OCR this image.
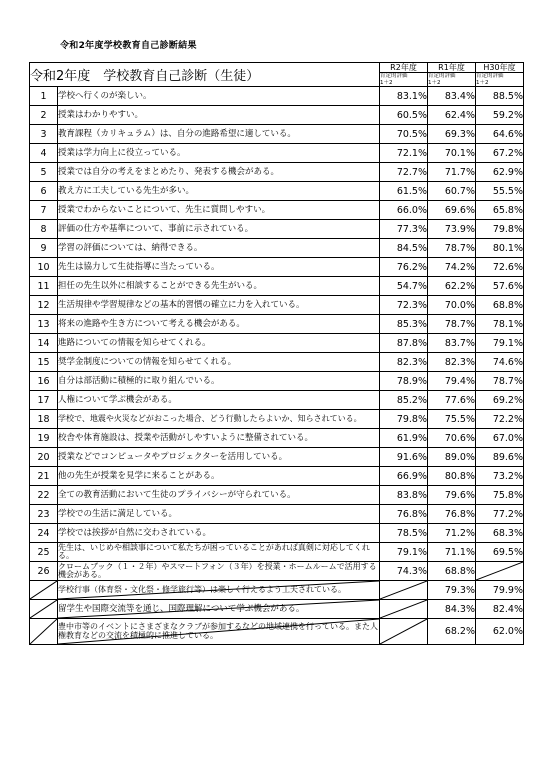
令和2年度学校教育自己診断結果
令和2年度　学校教育自己診断（生徒）		R2年度	R1年度	H30年度
		肯定的評価
1＋2	肯定的評価
1＋2	肯定的評価
1＋2
1	学校へ行くのが楽しい。	83.1%	83.4%	88.5%
2	授業はわかりやすい。	60.5%	62.4%	59.2%
3	教育課程（カリキュラム）は、自分の進路希望に適している。	70.5%	69.3%	64.6%
4	授業は学力向上に役立っている。	72.1%	70.1%	67.2%
5	授業では自分の考えをまとめたり、発表する機会がある。	72.7%	71.7%	62.9%
6	教え方に工夫している先生が多い。	61.5%	60.7%	55.5%
7	授業でわからないことについて、先生に質問しやすい。	66.0%	69.6%	65.8%
8	評価の仕方や基準について、事前に示されている。	77.3%	73.9%	79.8%
9	学習の評価については、納得できる。	84.5%	78.7%	80.1%
10	先生は協力して生徒指導に当たっている。	76.2%	74.2%	72.6%
11	担任の先生以外に相談することができる先生がいる。	54.7%	62.2%	57.6%
12	生活規律や学習規律などの基本的習慣の確立に力を入れている。	72.3%	70.0%	68.8%
13	将来の進路や生き方について考える機会がある。	85.3%	78.7%	78.1%
14	進路についての情報を知らせてくれる。	87.8%	83.7%	79.1%
15	奨学金制度についての情報を知らせてくれる。	82.3%	82.3%	74.6%
16	自分は部活動に積極的に取り組んでいる。	78.9%	79.4%	78.7%
17	人権について学ぶ機会がある。	85.2%	77.6%	69.2%
18	学校で、地震や火災などがおこった場合、どう行動したらよいか、知らされている。	79.8%	75.5%	72.2%
19	校舎や体育施設は、授業や活動がしやすいように整備されている。	61.9%	70.6%	67.0%
20	授業などでコンピュータやプロジェクターを活用している。	91.6%	89.0%	89.6%
21	他の先生が授業を見学に来ることがある。	66.9%	80.8%	73.2%
22	全ての教育活動において生徒のプライバシーが守られている。	83.8%	79.6%	75.8%
23	学校での生活に満足している。	76.8%	76.8%	77.2%
24	学校では挨拶が自然に交わされている。	78.5%	71.2%	68.3%
25	先生は、いじめや相談事について私たちが困っていることがあれば真剣に対応してくれる。	79.1%	71.1%	69.5%
26	クロームブック（１・２年）やスマートフォン（３年）を授業・ホームルームで活用する機会がある。	74.3%	68.8%	

学校行事（体育祭・文化祭・修学旅行等）は楽しく行えるよう工夫されている。		79.3%	79.9%

留学生や国際交流等を通じ、国際理解について学ぶ機会がある。		84.3%	82.4%

豊中市等のイベントにさまざまなクラブが参加するなどの地域連携を行っている。また人権教育などの交流を積極的に推進している。		68.2%	62.0%
